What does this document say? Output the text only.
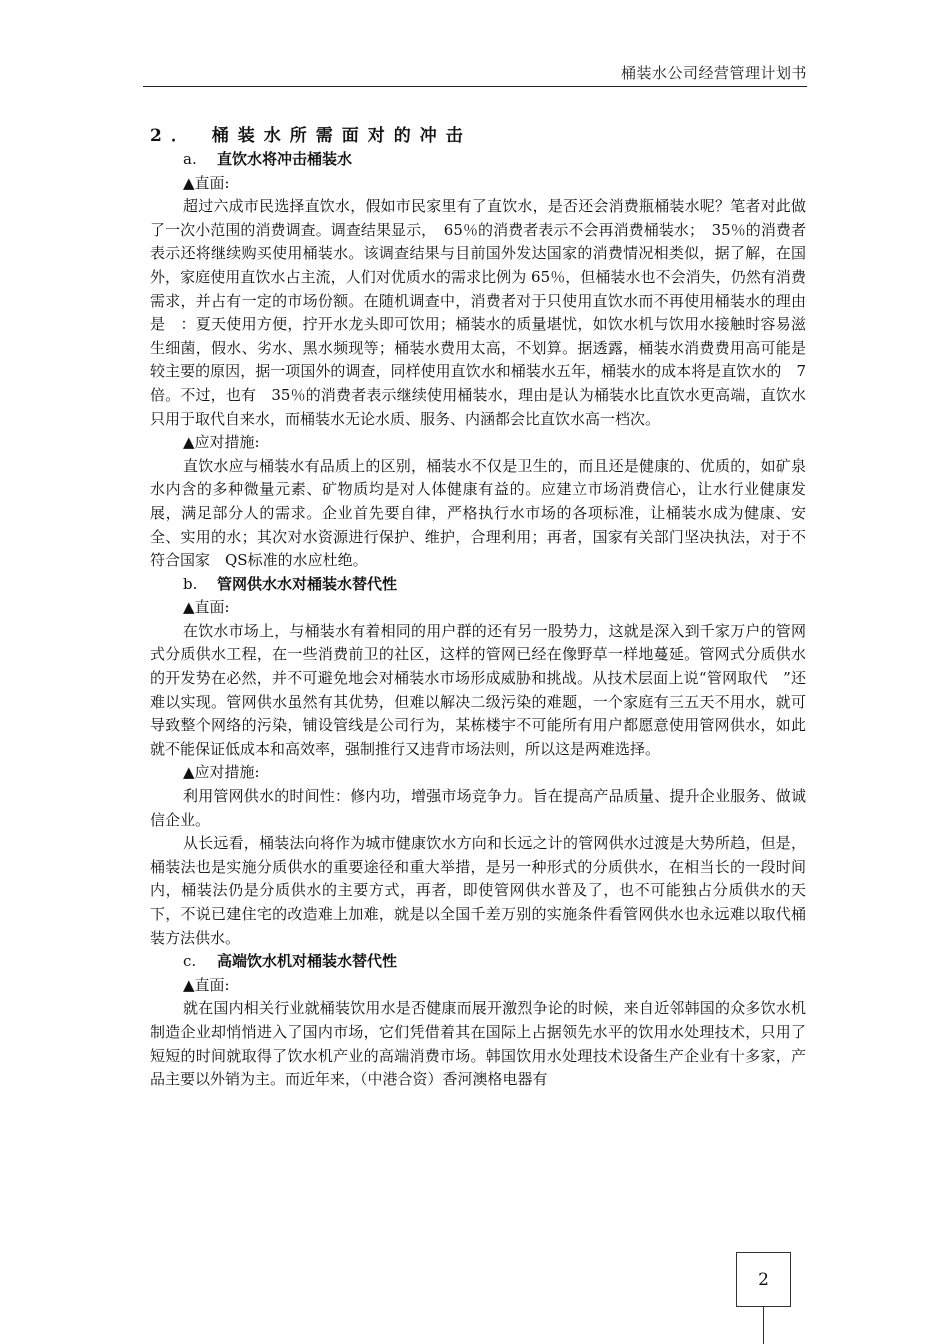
桶装水公司经营管理计划书

2． 桶装水所需面对的冲击

a. 直饮水将冲击桶装水

▲直面:

超过六成市民选择直饮水，假如市民家里有了直饮水，是否还会消费瓶桶装水呢？笔者对此做了一次小范围的消费调查。调查结果显示，　65％的消费者表示不会再消费桶装水；　35％的消费者表示还将继续购买使用桶装水。该调查结果与目前国外发达国家的消费情况相类似，据了解，在国外，家庭使用直饮水占主流，人们对优质水的需求比例为 65％，但桶装水也不会消失，仍然有消费需求，并占有一定的市场份额。在随机调查中，消费者对于只使用直饮水而不再使用桶装水的理由是　：夏天使用方便，拧开水龙头即可饮用；桶装水的质量堪忧，如饮水机与饮用水接触时容易滋生细菌，假水、劣水、黑水频现等；桶装水费用太高，不划算。据透露，桶装水消费费用高可能是较主要的原因，据一项国外的调查，同样使用直饮水和桶装水五年，桶装水的成本将是直饮水的　7 倍。不过，也有　35％的消费者表示继续使用桶装水，理由是认为桶装水比直饮水更高端，直饮水只用于取代自来水，而桶装水无论水质、服务、内涵都会比直饮水高一档次。

▲应对措施:

直饮水应与桶装水有品质上的区别，桶装水不仅是卫生的，而且还是健康的、优质的，如矿泉水内含的多种微量元素、矿物质均是对人体健康有益的。应建立市场消费信心，让水行业健康发展，满足部分人的需求。企业首先要自律，严格执行水市场的各项标准，让桶装水成为健康、安全、实用的水；其次对水资源进行保护、维护，合理利用；再者，国家有关部门坚决执法，对于不符合国家　QS标准的水应杜绝。

b. 管网供水水对桶装水替代性

▲直面:

在饮水市场上，与桶装水有着相同的用户群的还有另一股势力，这就是深入到千家万户的管网式分质供水工程，在一些消费前卫的社区，这样的管网已经在像野草一样地蔓延。管网式分质供水的开发势在必然，并不可避免地会对桶装水市场形成威胁和挑战。从技术层面上说“管网取代　”还难以实现。管网供水虽然有其优势，但难以解决二级污染的难题，一个家庭有三五天不用水，就可导致整个网络的污染，铺设管线是公司行为，某栋楼宇不可能所有用户都愿意使用管网供水，如此就不能保证低成本和高效率，强制推行又违背市场法则，所以这是两难选择。

▲应对措施:

利用管网供水的时间性：修内功，增强市场竞争力。旨在提高产品质量、提升企业服务、做诚信企业。

从长远看，桶装法向将作为城市健康饮水方向和长远之计的管网供水过渡是大势所趋，但是，桶装法也是实施分质供水的重要途径和重大举措，是另一种形式的分质供水，在相当长的一段时间内，桶装法仍是分质供水的主要方式，再者，即使管网供水普及了，也不可能独占分质供水的天下，不说已建住宅的改造难上加难，就是以全国千差万别的实施条件看管网供水也永远难以取代桶装方法供水。

c. 高端饮水机对桶装水替代性

▲直面:

就在国内相关行业就桶装饮用水是否健康而展开激烈争论的时候，来自近邻韩国的众多饮水机制造企业却悄悄进入了国内市场，它们凭借着其在国际上占据领先水平的饮用水处理技术，只用了短短的时间就取得了饮水机产业的高端消费市场。韩国饮用水处理技术设备生产企业有十多家，产品主要以外销为主。而近年来，（中港合资）香河澳格电器有

2
